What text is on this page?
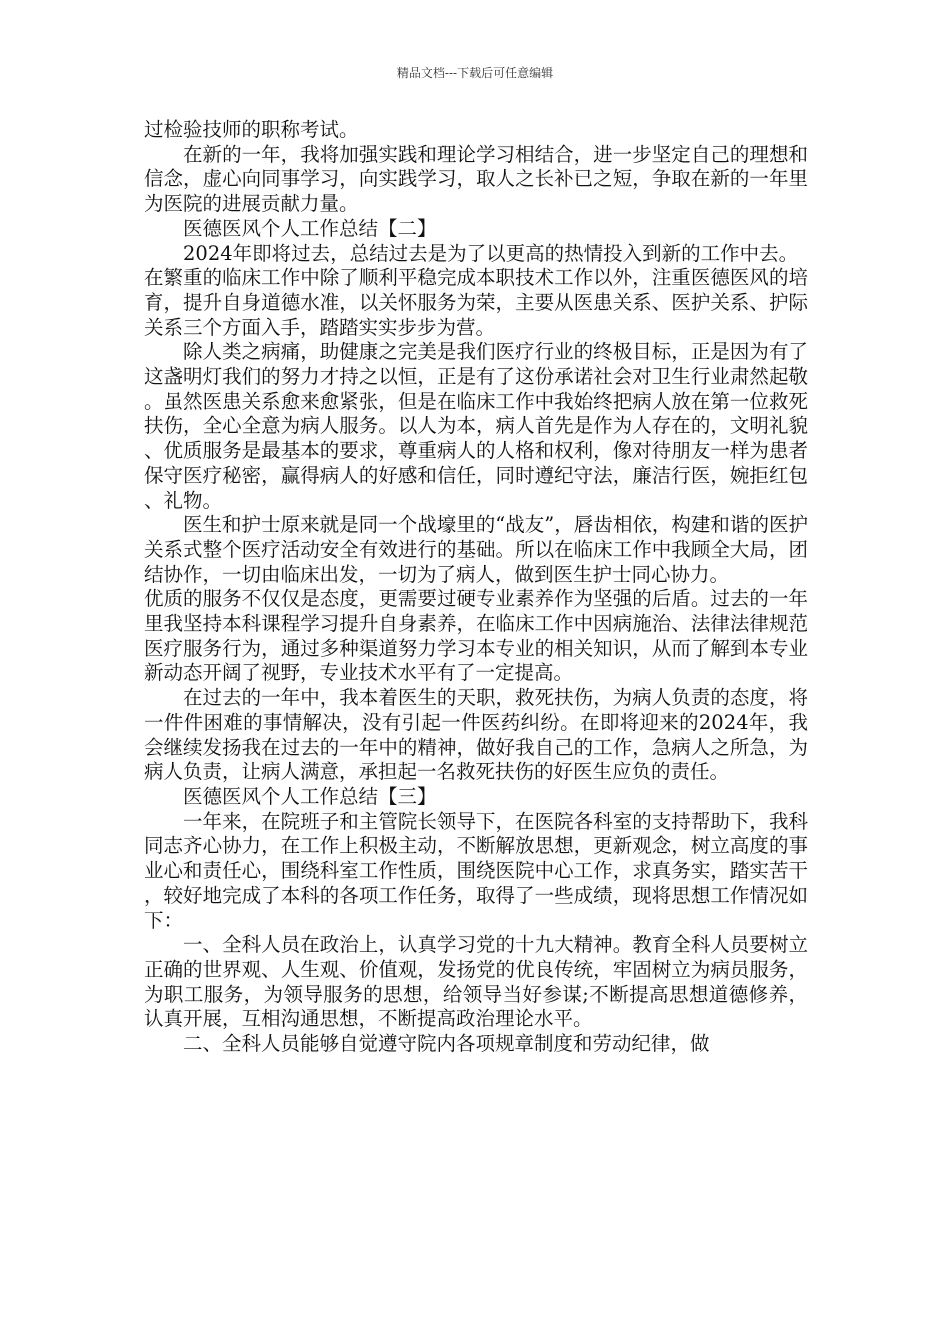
精品文档---下载后可任意编辑

过检验技师的职称考试。

在新的一年，我将加强实践和理论学习相结合，进一步坚定自己的理想和信念，虚心向同事学习，向实践学习，取人之长补已之短，争取在新的一年里为医院的进展贡献力量。

医德医风个人工作总结【二】

2024年即将过去，总结过去是为了以更高的热情投入到新的工作中去。

在繁重的临床工作中除了顺利平稳完成本职技术工作以外，注重医德医风的培育，提升自身道德水准，以关怀服务为荣，主要从医患关系、医护关系、护际关系三个方面入手，踏踏实实步步为营。

除人类之病痛，助健康之完美是我们医疗行业的终极目标，正是因为有了这盏明灯我们的努力才持之以恒，正是有了这份承诺社会对卫生行业肃然起敬。虽然医患关系愈来愈紧张，但是在临床工作中我始终把病人放在第一位救死扶伤，全心全意为病人服务。以人为本，病人首先是作为人存在的，文明礼貌、优质服务是最基本的要求，尊重病人的人格和权利，像对待朋友一样为患者保守医疗秘密，赢得病人的好感和信任，同时遵纪守法，廉洁行医，婉拒红包、礼物。

医生和护士原来就是同一个战壕里的“战友”，唇齿相依，构建和谐的医护关系式整个医疗活动安全有效进行的基础。所以在临床工作中我顾全大局，团结协作，一切由临床出发，一切为了病人，做到医生护士同心协力。

优质的服务不仅仅是态度，更需要过硬专业素养作为坚强的后盾。过去的一年里我坚持本科课程学习提升自身素养，在临床工作中因病施治、法律法律规范医疗服务行为，通过多种渠道努力学习本专业的相关知识，从而了解到本专业新动态开阔了视野，专业技术水平有了一定提高。

在过去的一年中，我本着医生的天职，救死扶伤，为病人负责的态度，将一件件困难的事情解决，没有引起一件医药纠纷。在即将迎来的2024年，我会继续发扬我在过去的一年中的精神，做好我自己的工作，急病人之所急，为病人负责，让病人满意，承担起一名救死扶伤的好医生应负的责任。

医德医风个人工作总结【三】

一年来，在院班子和主管院长领导下，在医院各科室的支持帮助下，我科同志齐心协力，在工作上积极主动，不断解放思想，更新观念，树立高度的事业心和责任心，围绕科室工作性质，围绕医院中心工作，求真务实，踏实苦干，较好地完成了本科的各项工作任务，取得了一些成绩，现将思想工作情况如下：

一、全科人员在政治上，认真学习党的十九大精神。教育全科人员要树立正确的世界观、人生观、价值观，发扬党的优良传统，牢固树立为病员服务，为职工服务，为领导服务的思想，给领导当好参谋;不断提高思想道德修养，认真开展，互相沟通思想，不断提高政治理论水平。

二、全科人员能够自觉遵守院内各项规章制度和劳动纪律，做
